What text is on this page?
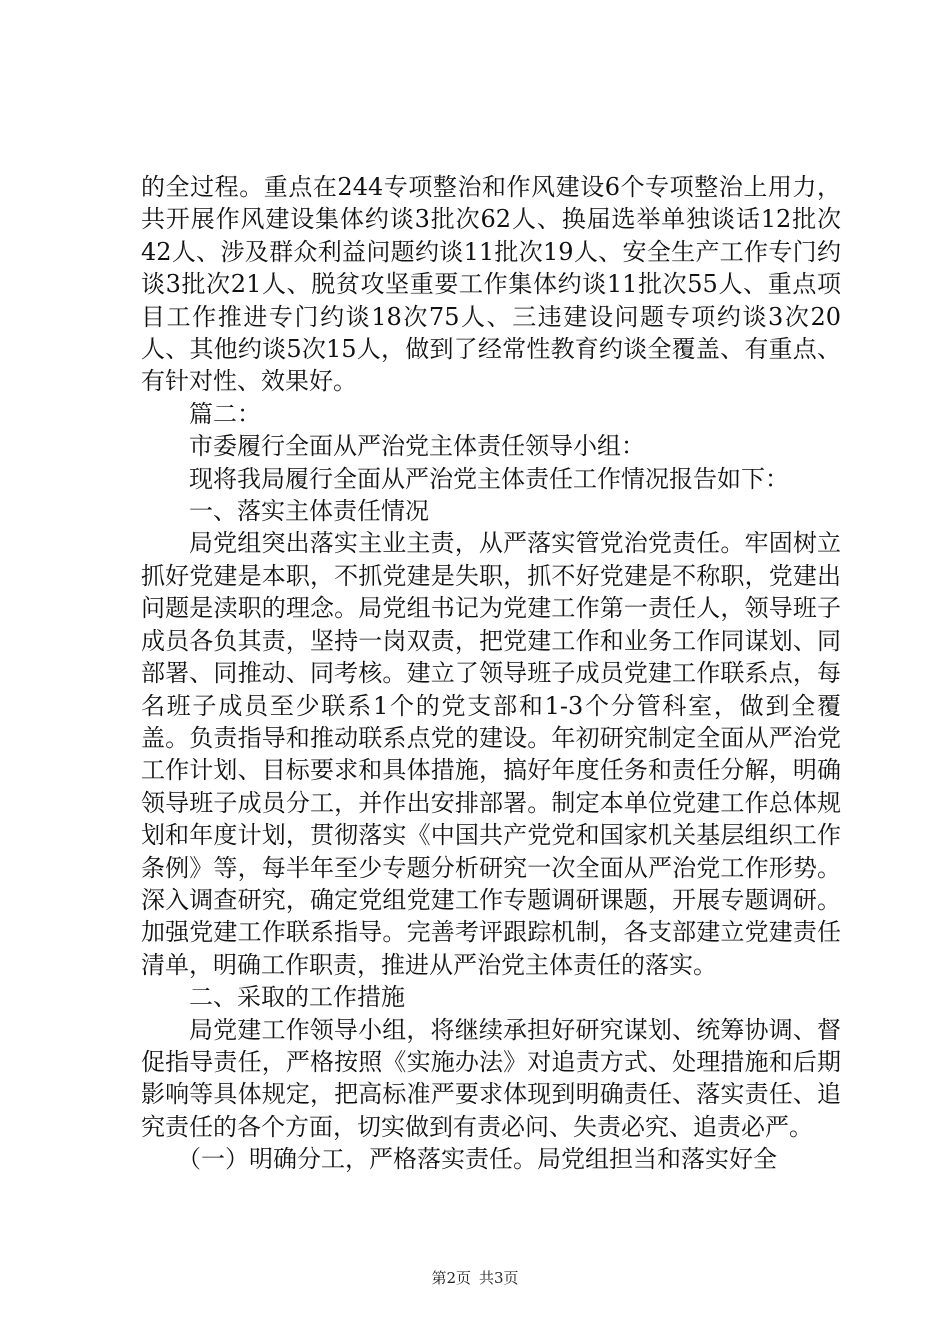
的全过程。重点在244专项整治和作风建设6个专项整治上用力，共开展作风建设集体约谈3批次62人、换届选举单独谈话12批次42人、涉及群众利益问题约谈11批次19人、安全生产工作专门约谈3批次21人、脱贫攻坚重要工作集体约谈11批次55人、重点项目工作推进专门约谈18次75人、三违建设问题专项约谈3次20人、其他约谈5次15人，做到了经常性教育约谈全覆盖、有重点、有针对性、效果好。

篇二：

市委履行全面从严治党主体责任领导小组：

现将我局履行全面从严治党主体责任工作情况报告如下：

一、落实主体责任情况

局党组突出落实主业主责，从严落实管党治党责任。牢固树立抓好党建是本职，不抓党建是失职，抓不好党建是不称职，党建出问题是渎职的理念。局党组书记为党建工作第一责任人，领导班子成员各负其责，坚持一岗双责，把党建工作和业务工作同谋划、同部署、同推动、同考核。建立了领导班子成员党建工作联系点，每名班子成员至少联系1个的党支部和1-3个分管科室，做到全覆盖。负责指导和推动联系点党的建设。年初研究制定全面从严治党工作计划、目标要求和具体措施，搞好年度任务和责任分解，明确领导班子成员分工，并作出安排部署。制定本单位党建工作总体规划和年度计划，贯彻落实《中国共产党党和国家机关基层组织工作条例》等，每半年至少专题分析研究一次全面从严治党工作形势。深入调查研究，确定党组党建工作专题调研课题，开展专题调研。加强党建工作联系指导。完善考评跟踪机制，各支部建立党建责任清单，明确工作职责，推进从严治党主体责任的落实。

二、采取的工作措施

局党建工作领导小组，将继续承担好研究谋划、统筹协调、督促指导责任，严格按照《实施办法》对追责方式、处理措施和后期影响等具体规定，把高标准严要求体现到明确责任、落实责任、追究责任的各个方面，切实做到有责必问、失责必究、追责必严。

（一）明确分工，严格落实责任。局党组担当和落实好全

第2页 共3页
